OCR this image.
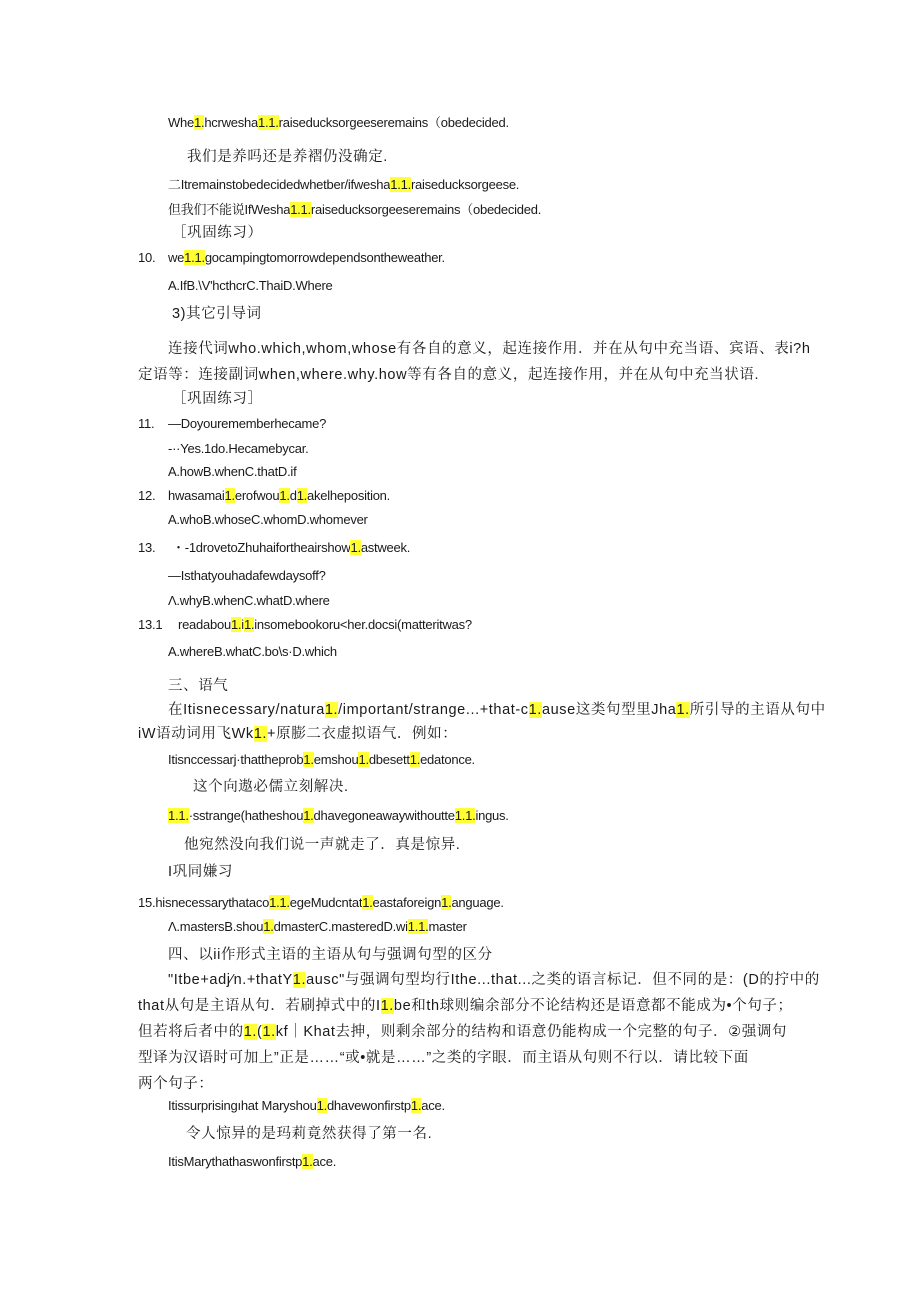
Whe1.hcrwesha1.1.raiseducksorgeeseremains（obedecided.
我们是养吗还是养褶仍没确定.
二Itremainstobedecidedwhetber/ifwesha1.1.raiseducksorgeese.
但我们不能说IfWesha1.1.raiseducksorgeeseremains（obedecided.
［巩固练习）
10. we1.1.gocampingtomorrowdependsontheweather.
A.IfB.\V'hcthcrC.ThaiD.Where
3)其它引导词
连接代词who.which,whom,whose有各自的意义，起连接作用．并在从句中充当语、宾语、表i?h
定语等：连接副词when,where.why.how等有各自的意义，起连接作用，并在从句中充当状语.
［巩固练习］
11. —Doyourememberhecame?
-··Yes.1do.Hecamebycar.
A.howB.whenC.thatD.if
12. hwasamai1.erofwou1.d1.akelheposition.
A.whoB.whoseC.whomD.whomever
13. ・-1drovetoZhuhaifortheairshow1.astweek.
—Isthatyouhadafewdaysoff?
Λ.whyB.whenC.whatD.where
13.1 readabou1.i1.insomebookoru<her.docsi(matteritwas?
A.whereB.whatC.bo\s·D.which
三、语气
在Itisnecessary/natura1./important/strange...+that-c1.ause这类句型里Jha1.所引导的主语从句中
iW语动词用飞Wk1.+原膨二衣虚拟语气．例如：
Itisnccessarj·thattheprob1.emshou1.dbesett1.edatonce.
这个向遨必儒立刻解决.
1.1.·sstrange(hatheshou1.dhavegoneawaywithoutte1.1.ingus.
他宛然没向我们说一声就走了．真是惊异.
I巩同嫌习
15.hisnecessarythataco1.1.egeMudcntat1.eastaforeign1.anguage.
Λ.mastersB.shou1.dmasterC.masteredD.wi1.1.master
四、以ii作形式主语的主语从句与强调句型的区分
"Itbe+adj∕n.+thatY1.ausc"与强调句型均行Ithe...that...之类的语言标记．但不同的是：(D的拧中的
that从句是主语从句．若刷掉式中的I1.be和th球则编余部分不论结构还是语意都不能成为•个句子；
但若将后者中的1.(1.kf｜Khat去抻，则剩余部分的结构和语意仍能构成一个完整的句子．②强调句
型译为汉语时可加上”正是……“或•就是……”之类的字眼．而主语从句则不行以．请比较下面
两个句子：
Itissurprisingıhat Maryshou1.dhavewonfirstp1.ace.
令人惊异的是玛莉竟然获得了第一名.
ItisMarythathaswonfirstp1.ace.
